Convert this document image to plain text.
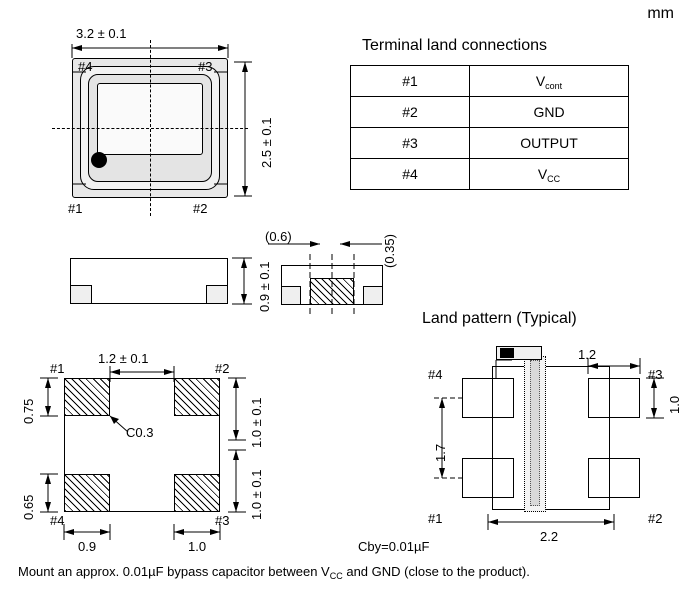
mm
3.2 ± 0.1
2.5 ± 0.1
#4	#3
#1	#2
Terminal land connections
#1	$V_{cont}$
#2	GND
#3	OUTPUT
#4	$V_{CC}$
0.9 ± 0.1
(0.6)	(0.35)
C0.3
1.2 ± 0.1
0.75
0.65
1.0 ± 0.1
1.0 ± 0.1
0.9	1.0
#1	#2
#4	#3
Land pattern (Typical)
1.2
1.0
1.7
2.2
#4	#3
#1	#2
Cby=0.01µF
Mount an approx. 0.01µF bypass capacitor between $V_{CC}$ and GND (close to the product).
